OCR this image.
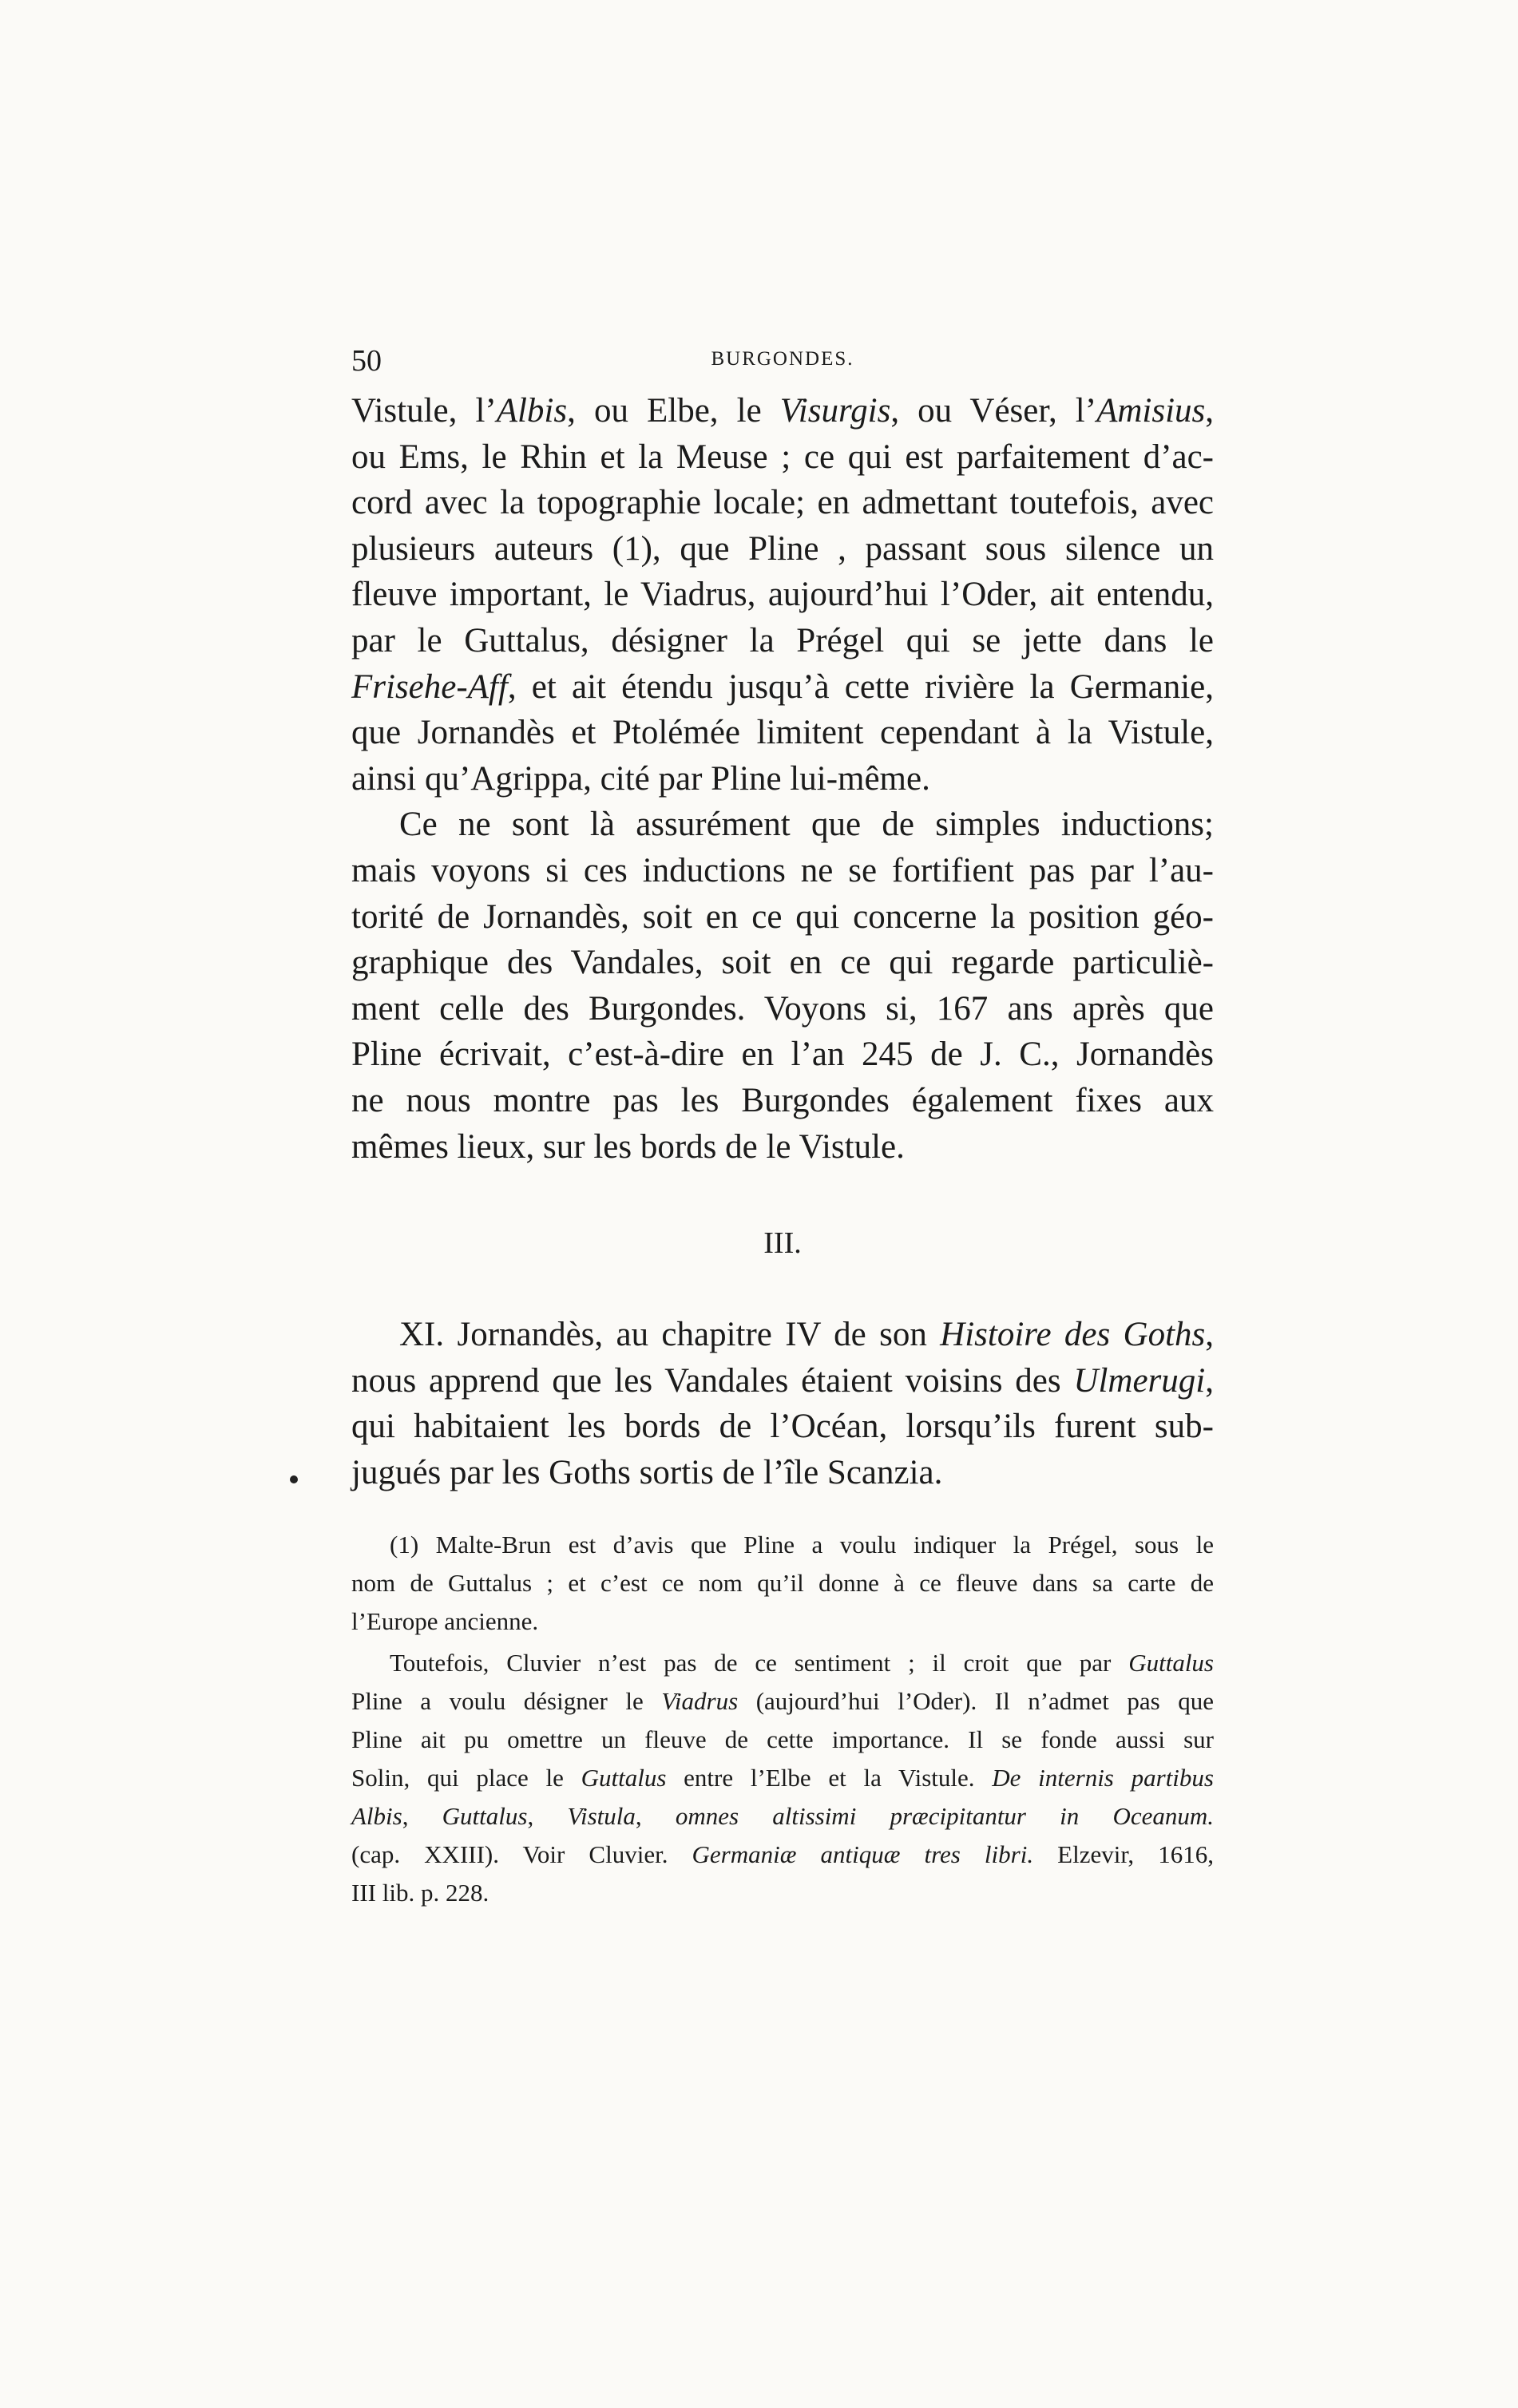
50	BURGONDES.

Vistule, l’Albis, ou Elbe, le Visurgis, ou Véser, l’Amisius,
ou Ems, le Rhin et la Meuse ; ce qui est parfaitement d’ac-
cord avec la topographie locale; en admettant toutefois, avec
plusieurs auteurs (1), que Pline , passant sous silence un
fleuve important, le Viadrus, aujourd’hui l’Oder, ait entendu,
par le Guttalus, désigner la Prégel qui se jette dans le
Frisehe-Aff, et ait étendu jusqu’à cette rivière la Germanie,
que Jornandès et Ptolémée limitent cependant à la Vistule,
ainsi qu’Agrippa, cité par Pline lui-même.

Ce ne sont là assurément que de simples inductions;
mais voyons si ces inductions ne se fortifient pas par l’au-
torité de Jornandès, soit en ce qui concerne la position géo-
graphique des Vandales, soit en ce qui regarde particuliè-
ment celle des Burgondes. Voyons si, 167 ans après que
Pline écrivait, c’est-à-dire en l’an 245 de J. C., Jornandès
ne nous montre pas les Burgondes également fixes aux
mêmes lieux, sur les bords de le Vistule.

III.

XI. Jornandès, au chapitre IV de son Histoire des Goths,
nous apprend que les Vandales étaient voisins des Ulmerugi,
qui habitaient les bords de l’Océan, lorsqu’ils furent sub-
jugués par les Goths sortis de l’île Scanzia.

(1) Malte-Brun est d’avis que Pline a voulu indiquer la Prégel, sous le
nom de Guttalus ; et c’est ce nom qu’il donne à ce fleuve dans sa carte de
l’Europe ancienne.
Toutefois, Cluvier n’est pas de ce sentiment ; il croit que par Guttalus
Pline a voulu désigner le Viadrus (aujourd’hui l’Oder). Il n’admet pas que
Pline ait pu omettre un fleuve de cette importance. Il se fonde aussi sur
Solin, qui place le Guttalus entre l’Elbe et la Vistule. De internis partibus
Albis, Guttalus, Vistula, omnes altissimi præcipitantur in Oceanum.
(cap. XXIII). Voir Cluvier. Germaniæ antiquæ tres libri. Elzevir, 1616,
III lib. p. 228.
